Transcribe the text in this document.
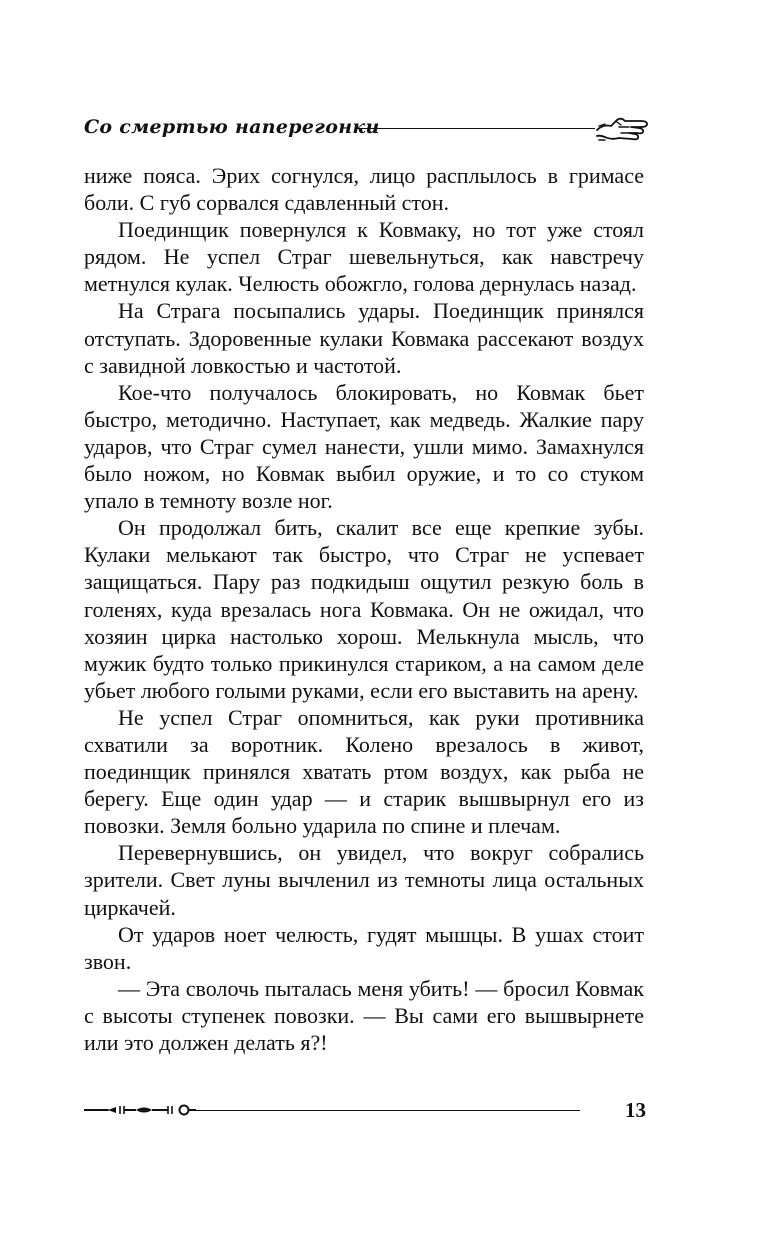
Со смертью наперегонки

ниже пояса. Эрих согнулся, лицо расплылось в гримасе боли. С губ сорвался сдавленный стон.

Поединщик повернулся к Ковмаку, но тот уже стоял рядом. Не успел Страг шевельнуться, как навстречу метнулся кулак. Челюсть обожгло, голова дернулась назад.

На Страга посыпались удары. Поединщик принялся отступать. Здоровенные кулаки Ковмака рассекают воздух с завидной ловкостью и частотой.

Кое-что получалось блокировать, но Ковмак бьет быстро, методично. Наступает, как медведь. Жалкие пару ударов, что Страг сумел нанести, ушли мимо. Замахнулся было ножом, но Ковмак выбил оружие, и то со стуком упало в темноту возле ног.

Он продолжал бить, скалит все еще крепкие зубы. Кулаки мелькают так быстро, что Страг не успевает защищаться. Пару раз подкидыш ощутил резкую боль в голенях, куда врезалась нога Ковмака. Он не ожидал, что хозяин цирка настолько хорош. Мелькнула мысль, что мужик будто только прикинулся стариком, а на самом деле убьет любого голыми руками, если его выставить на арену.

Не успел Страг опомниться, как руки противника схватили за воротник. Колено врезалось в живот, поединщик принялся хватать ртом воздух, как рыба не берегу. Еще один удар — и старик вышвырнул его из повозки. Земля больно ударила по спине и плечам.

Перевернувшись, он увидел, что вокруг собрались зрители. Свет луны вычленил из темноты лица остальных циркачей.

От ударов ноет челюсть, гудят мышцы. В ушах стоит звон.

— Эта сволочь пыталась меня убить! — бросил Ковмак с высоты ступенек повозки. — Вы сами его вышвырнете или это должен делать я?!

13
